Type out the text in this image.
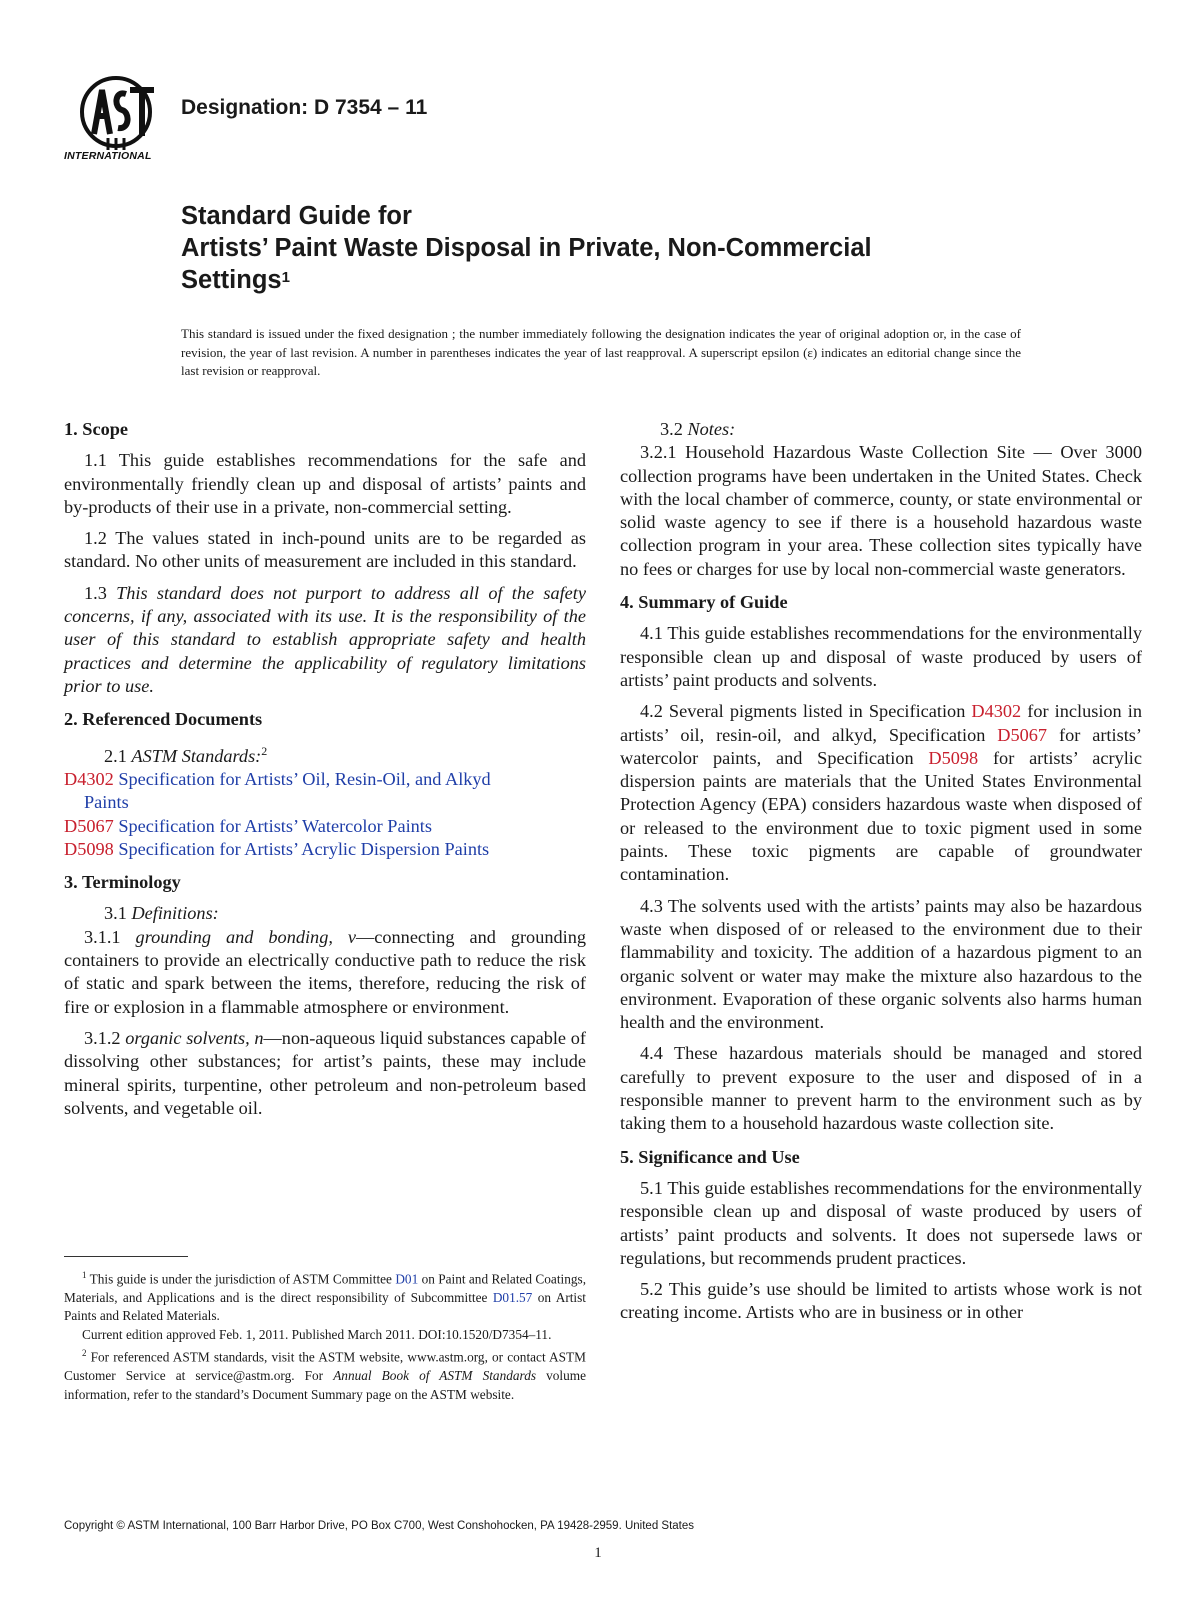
INTERNATIONAL
Designation: D 7354 – 11
Standard Guide for
Artists’ Paint Waste Disposal in Private, Non-Commercial
Settings$^1$
This standard is issued under the fixed designation ; the number immediately following the designation indicates the year of original adoption or, in the case of revision, the year of last revision. A number in parentheses indicates the year of last reapproval. A superscript epsilon (ε) indicates an editorial change since the last revision or reapproval.
1. Scope

1.1 This guide establishes recommendations for the safe and environmentally friendly clean up and disposal of artists’ paints and by-products of their use in a private, non-commercial setting.

1.2 The values stated in inch-pound units are to be regarded as standard. No other units of measurement are included in this standard.

1.3 This standard does not purport to address all of the safety concerns, if any, associated with its use. It is the responsibility of the user of this standard to establish appropriate safety and health practices and determine the applicability of regulatory limitations prior to use.

2. Referenced Documents

2.1 ASTM Standards:$^2$

D4302 Specification for Artists’ Oil, Resin-Oil, and Alkyd
Paints
D5067 Specification for Artists’ Watercolor Paints
D5098 Specification for Artists’ Acrylic Dispersion Paints
3. Terminology

3.1 Definitions:

3.1.1 grounding and bonding, v—connecting and grounding containers to provide an electrically conductive path to reduce the risk of static and spark between the items, therefore, reducing the risk of fire or explosion in a flammable atmosphere or environment.

3.1.2 organic solvents, n—non-aqueous liquid substances capable of dissolving other substances; for artist’s paints, these may include mineral spirits, turpentine, other petroleum and non-petroleum based solvents, and vegetable oil.

3.2 Notes:

3.2.1 Household Hazardous Waste Collection Site — Over 3000 collection programs have been undertaken in the United States. Check with the local chamber of commerce, county, or state environmental or solid waste agency to see if there is a household hazardous waste collection program in your area. These collection sites typically have no fees or charges for use by local non-commercial waste generators.

4. Summary of Guide

4.1 This guide establishes recommendations for the environmentally responsible clean up and disposal of waste produced by users of artists’ paint products and solvents.

4.2 Several pigments listed in Specification D4302 for inclusion in artists’ oil, resin-oil, and alkyd, Specification D5067 for artists’ watercolor paints, and Specification D5098 for artists’ acrylic dispersion paints are materials that the United States Environmental Protection Agency (EPA) considers hazardous waste when disposed of or released to the environment due to toxic pigment used in some paints. These toxic pigments are capable of groundwater contamination.

4.3 The solvents used with the artists’ paints may also be hazardous waste when disposed of or released to the environment due to their flammability and toxicity. The addition of a hazardous pigment to an organic solvent or water may make the mixture also hazardous to the environment. Evaporation of these organic solvents also harms human health and the environment.

4.4 These hazardous materials should be managed and stored carefully to prevent exposure to the user and disposed of in a responsible manner to prevent harm to the environment such as by taking them to a household hazardous waste collection site.

5. Significance and Use

5.1 This guide establishes recommendations for the environmentally responsible clean up and disposal of waste produced by users of artists’ paint products and solvents. It does not supersede laws or regulations, but recommends prudent practices.

5.2 This guide’s use should be limited to artists whose work is not creating income. Artists who are in business or in other

$^1$ This guide is under the jurisdiction of ASTM Committee D01 on Paint and Related Coatings, Materials, and Applications and is the direct responsibility of Subcommittee D01.57 on Artist Paints and Related Materials.

Current edition approved Feb. 1, 2011. Published March 2011. DOI:10.1520/D7354–11.

$^2$ For referenced ASTM standards, visit the ASTM website, www.astm.org, or contact ASTM Customer Service at service@astm.org. For Annual Book of ASTM Standards volume information, refer to the standard’s Document Summary page on the ASTM website.

Copyright © ASTM International, 100 Barr Harbor Drive, PO Box C700, West Conshohocken, PA 19428-2959. United States
1
